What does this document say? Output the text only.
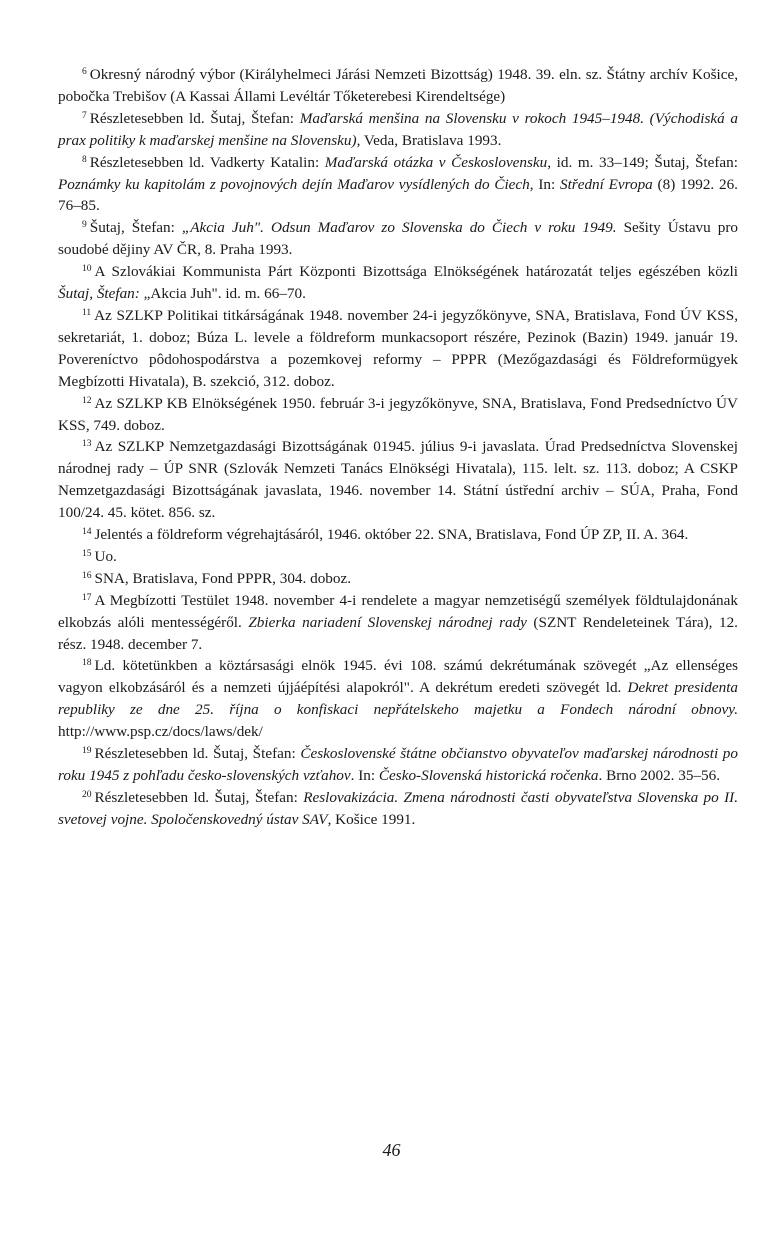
$^6$ Okresný národný výbor (Királyhelmeci Járási Nemzeti Bizottság) 1948. 39. eln. sz. Štátny archív Košice, pobočka Trebišov (A Kassai Állami Levéltár Tőketerebesi Kirendeltsége)

$^7$ Részletesebben ld. Šutaj, Štefan: Maďarská menšina na Slovensku v rokoch 1945–1948. (Východiská a prax politiky k maďarskej menšine na Slovensku), Veda, Bratislava 1993.

$^8$ Részletesebben ld. Vadkerty Katalin: Maďarská otázka v Československu, id. m. 33–149; Šutaj, Štefan: Poznámky ku kapitolám z povojnových dejín Maďarov vysídlených do Čiech, In: Střední Evropa (8) 1992. 26. 76–85.

$^9$ Šutaj, Štefan: „Akcia Juh". Odsun Maďarov zo Slovenska do Čiech v roku 1949. Sešity Ústavu pro soudobé dějiny AV ČR, 8. Praha 1993.

$^{10}$ A Szlovákiai Kommunista Párt Központi Bizottsága Elnökségének határozatát teljes egészében közli Šutaj, Štefan: „Akcia Juh". id. m. 66–70.

$^{11}$ Az SZLKP Politikai titkárságának 1948. november 24-i jegyzőkönyve, SNA, Bratislava, Fond ÚV KSS, sekretariát, 1. doboz; Búza L. levele a földreform munkacsoport részére, Pezinok (Bazin) 1949. január 19. Povereníctvo pôdohospodárstva a pozemkovej reformy – PPPR (Mezőgazdasági és Földreformügyek Megbízotti Hivatala), B. szekció, 312. doboz.

$^{12}$ Az SZLKP KB Elnökségének 1950. február 3-i jegyzőkönyve, SNA, Bratislava, Fond Predsedníctvo ÚV KSS, 749. doboz.

$^{13}$ Az SZLKP Nemzetgazdasági Bizottságának 01945. július 9-i javaslata. Úrad Predsedníctva Slovenskej národnej rady – ÚP SNR (Szlovák Nemzeti Tanács Elnökségi Hivatala), 115. lelt. sz. 113. doboz; A CSKP Nemzetgazdasági Bizottságának javaslata, 1946. november 14. Státní ústřední archiv – SÚA, Praha, Fond 100/24. 45. kötet. 856. sz.

$^{14}$ Jelentés a földreform végrehajtásáról, 1946. október 22. SNA, Bratislava, Fond ÚP ZP, II. A. 364.

$^{15}$ Uo.

$^{16}$ SNA, Bratislava, Fond PPPR, 304. doboz.

$^{17}$ A Megbízotti Testület 1948. november 4-i rendelete a magyar nemzetiségű személyek földtulajdonának elkobzás alóli mentességéről. Zbierka nariadení Slovenskej národnej rady (SZNT Rendeleteinek Tára), 12. rész. 1948. december 7.

$^{18}$ Ld. kötetünkben a köztársasági elnök 1945. évi 108. számú dekrétumának szövegét „Az ellenséges vagyon elkobzásáról és a nemzeti újjáépítési alapokról". A dekrétum eredeti szövegét ld. Dekret presidenta republiky ze dne 25. října o konfiskaci nepřátelskeho majetku a Fondech národní obnovy. http://www.psp.cz/docs/laws/dek/

$^{19}$ Részletesebben ld. Šutaj, Štefan: Československé štátne občianstvo obyvateľov maďarskej národnosti po roku 1945 z pohľadu česko-slovenských vzťahov. In: Česko-Slovenská historická ročenka. Brno 2002. 35–56.

$^{20}$ Részletesebben ld. Šutaj, Štefan: Reslovakizácia. Zmena národnosti časti obyvateľstva Slovenska po II. svetovej vojne. Spoločenskovedný ústav SAV, Košice 1991.

46
